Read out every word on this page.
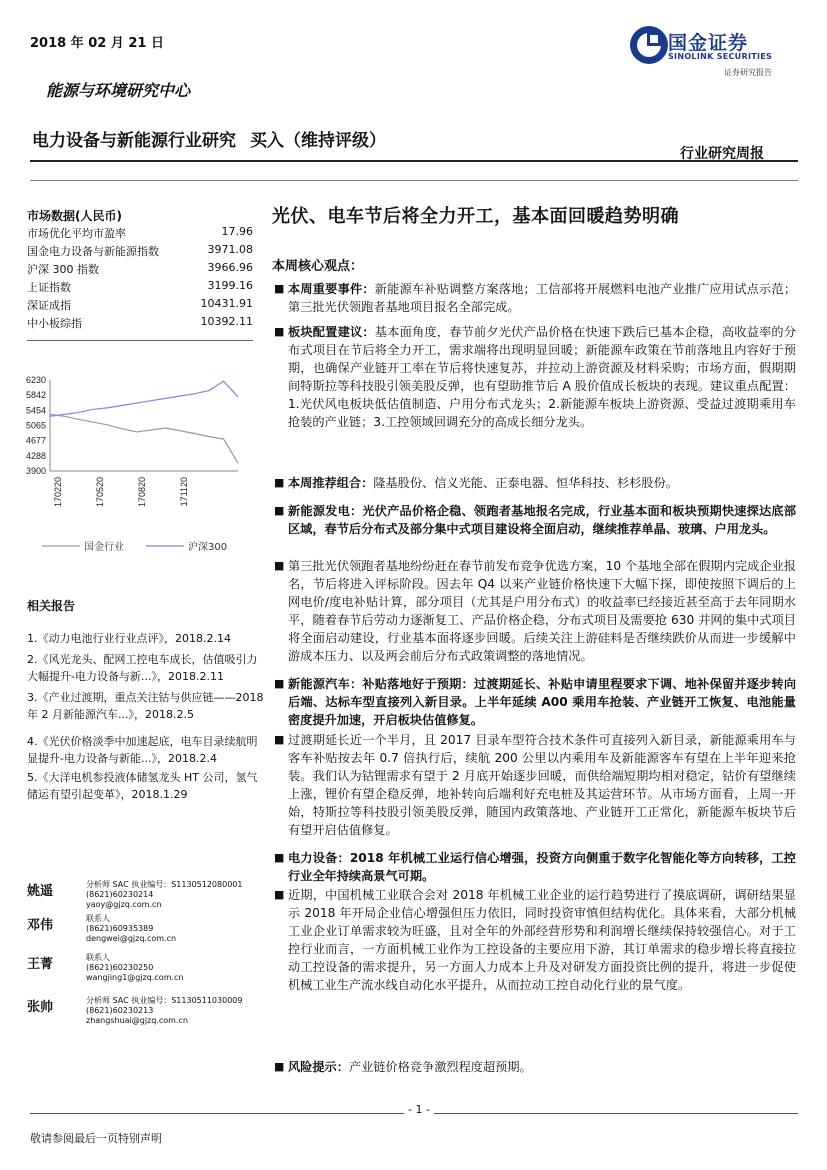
2018 年 02 月 21 日	国金证券
SINOLINK SECURITIES
证券研究报告
能源与环境研究中心
电力设备与新能源行业研究 买入（维持评级）
行业研究周报
市场数据(人民币)
市场优化平均市盈率	17.96
国金电力设备与新能源指数	3971.08
沪深 300 指数	3966.96
上证指数	3199.16
深证成指	10431.91
中小板综指	10392.11
6230
5842
5454
5065
4677
4288
3900
170220	170520	170820	171120
国金行业	沪深300
相关报告
1.《动力电池行业行业点评》，2018.2.14
2.《风光龙头、配网工控电车成长，估值吸引力大幅提升-电力设备与新...》，2018.2.11
3.《产业过渡期，重点关注钴与供应链——2018 年 2 月新能源汽车...》，2018.2.5
4.《光伏价格淡季中加速起底，电车目录续航明显提升-电力设备与新能...》，2018.2.4
5.《大洋电机参投液体储氢龙头 HT 公司，氢气储运有望引起变革》，2018.1.29
姚遥	分析师 SAC 执业编号：S1130512080001
(8621)60230214
yaoy@gjzq.com.cn
邓伟	联系人
(8621)60935389
dengwei@gjzq.com.cn
王菁	联系人
(8621)60230250
wangjing1@gjzq.com.cn
张帅	分析师 SAC 执业编号：S1130511030009
(8621)60230213
zhangshuai@gjzq.com.cn
光伏、电车节后将全力开工，基本面回暖趋势明确
本周核心观点：
■ 本周重要事件：新能源车补贴调整方案落地；工信部将开展燃料电池产业推广应用试点示范；第三批光伏领跑者基地项目报名全部完成。
■ 板块配置建议：基本面角度，春节前夕光伏产品价格在快速下跌后已基本企稳，高收益率的分布式项目在节后将全力开工，需求端将出现明显回暖；新能源车政策在节前落地且内容好于预期，也确保产业链开工率在节后将快速复苏，并拉动上游资源及材料采购；市场方面，假期期间特斯拉等科技股引领美股反弹，也有望助推节后 A 股价值成长板块的表现。建议重点配置：1.光伏风电板块低估值制造、户用分布式龙头；2.新能源车板块上游资源、受益过渡期乘用车抢装的产业链；3.工控领域回调充分的高成长细分龙头。
■ 本周推荐组合：隆基股份、信义光能、正泰电器、恒华科技、杉杉股份。
■ 新能源发电：光伏产品价格企稳、领跑者基地报名完成，行业基本面和板块预期快速探达底部区域，春节后分布式及部分集中式项目建设将全面启动，继续推荐单晶、玻璃、户用龙头。
■ 第三批光伏领跑者基地纷纷赶在春节前发布竞争优选方案，10 个基地全部在假期内完成企业报名，节后将进入评标阶段。因去年 Q4 以来产业链价格快速下大幅下探，即使按照下调后的上网电价/度电补贴计算，部分项目（尤其是户用分布式）的收益率已经接近甚至高于去年同期水平，随着春节后劳动力逐渐复工、产品价格企稳，分布式项目及需要抢 630 并网的集中式项目将全面启动建设，行业基本面将逐步回暖。后续关注上游硅料是否继续跌价从而进一步缓解中游成本压力、以及两会前后分布式政策调整的落地情况。
■ 新能源汽车：补贴落地好于预期：过渡期延长、补贴申请里程要求下调、地补保留并逐步转向后端、达标车型直接列入新目录。上半年延续 A00 乘用车抢装、产业链开工恢复、电池能量密度提升加速，开启板块估值修复。
■ 过渡期延长近一个半月，且 2017 目录车型符合技术条件可直接列入新目录，新能源乘用车与客车补贴按去年 0.7 倍执行后，续航 200 公里以内乘用车及新能源客车有望在上半年迎来抢装。我们认为钴锂需求有望于 2 月底开始逐步回暖，而供给端短期均相对稳定，钴价有望继续上涨，锂价有望企稳反弹，地补转向后端利好充电桩及其运营环节。从市场方面看，上周一开始，特斯拉等科技股引领美股反弹，随国内政策落地、产业链开工正常化，新能源车板块节后有望开启估值修复。
■ 电力设备：2018 年机械工业运行信心增强，投资方向侧重于数字化智能化等方向转移，工控行业全年持续高景气可期。
■ 近期，中国机械工业联合会对 2018 年机械工业企业的运行趋势进行了摸底调研，调研结果显示 2018 年开局企业信心增强但压力依旧，同时投资审慎但结构优化。具体来看，大部分机械工业企业订单需求较为旺盛，且对全年的外部经营形势和利润增长继续保持较强信心。对于工控行业而言，一方面机械工业作为工控设备的主要应用下游，其订单需求的稳步增长将直接拉动工控设备的需求提升，另一方面人力成本上升及对研发方面投资比例的提升，将进一步促使机械工业生产流水线自动化水平提升，从而拉动工控自动化行业的景气度。
■ 风险提示：产业链价格竞争激烈程度超预期。
- 1 -
敬请参阅最后一页特别声明
